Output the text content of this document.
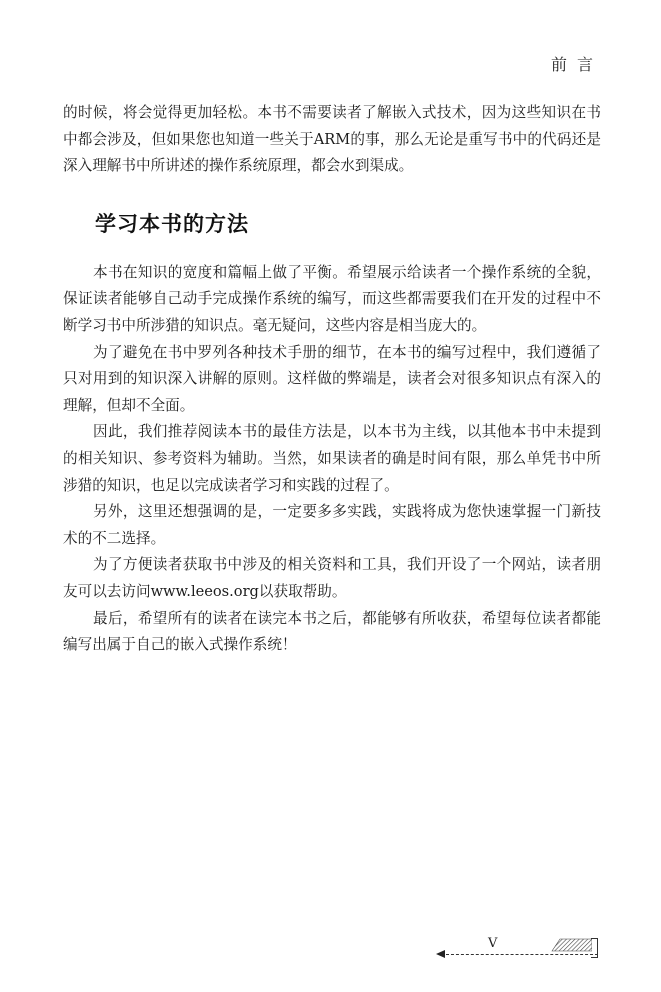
前言

的时候，将会觉得更加轻松。本书不需要读者了解嵌入式技术，因为这些知识在书中都会涉及，但如果您也知道一些关于ARM的事，那么无论是重写书中的代码还是深入理解书中所讲述的操作系统原理，都会水到渠成。

学习本书的方法

本书在知识的宽度和篇幅上做了平衡。希望展示给读者一个操作系统的全貌，保证读者能够自己动手完成操作系统的编写，而这些都需要我们在开发的过程中不断学习书中所涉猎的知识点。毫无疑问，这些内容是相当庞大的。

为了避免在书中罗列各种技术手册的细节，在本书的编写过程中，我们遵循了只对用到的知识深入讲解的原则。这样做的弊端是，读者会对很多知识点有深入的理解，但却不全面。

因此，我们推荐阅读本书的最佳方法是，以本书为主线，以其他本书中未提到的相关知识、参考资料为辅助。当然，如果读者的确是时间有限，那么单凭书中所涉猎的知识，也足以完成读者学习和实践的过程了。

另外，这里还想强调的是，一定要多多实践，实践将成为您快速掌握一门新技术的不二选择。

为了方便读者获取书中涉及的相关资料和工具，我们开设了一个网站，读者朋友可以去访问www.leeos.org以获取帮助。

最后，希望所有的读者在读完本书之后，都能够有所收获，希望每位读者都能编写出属于自己的嵌入式操作系统！

V
